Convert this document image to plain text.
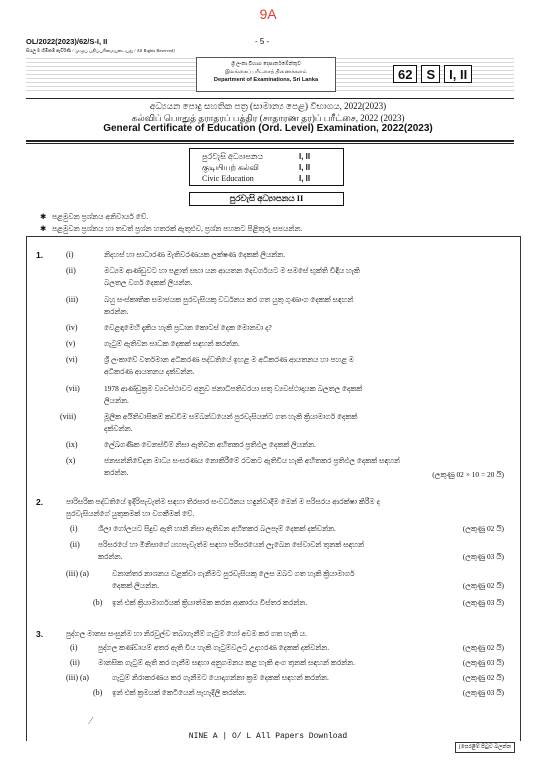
9A
OL/2022(2023)/62/S-I, II	- 5 -
සියලු ම හිමිකම් ඇවිරිණි / முழுப் பதிப்புரிமையுடையது / All Rights Reserved]
ශ්‍රී ලංකා විභාග දෙපාර්තමේන්තුව
இலங்கைப் பரீட்சைத் திணைக்களம்
Department of Examinations, Sri Lanka	62	S	I, II
අධ්‍යයන පොදු සහතික පත්‍ර (සාමාන්‍ය පෙළ) විභාගය, 2022(2023)
கல்விப் பொதுத் தராதரப் பத்திர (சாதாரண தர)ப் பரீட்சை, 2022 (2023)
General Certificate of Education (Ord. Level) Examination, 2022(2023)
පුරවැසි අධ්‍යාපනය	I, II
குடியியற் கல்வி	I, II
Civic Education	I, II
පුරවැසි අධ්‍යාපනය II
✱ පළමුවන ප්‍රශ්නය අනිවාර්ය වේ.
✱ පළමුවන ප්‍රශ්නය හා තවත් ප්‍රශ්න හතරක් ඇතුළුව, ප්‍රශ්න පහකට පිළිතුරු සපයන්න.
1.	(i)	නිදහස් හා සාධාරණ මැතිවරණයක ලක්ෂණ දෙකක් ලියන්න.
(ii)	මධ්‍යම ආණ්ඩුවට හා පළාත් සභා යන ආයතන දෙවර්ගයට ම සමසේ භුක්ති විඳිය හැකි
බලතල වර්ග දෙකක් ලියන්න.
(iii)	බහු සංස්කෘතික සමාජයක පුරවැසියකු වර්ධනය කර ගත යුතු ගුණාංග දෙකක් සඳහන්
කරන්න.
(iv)	වෙළඳාමෙහි දැකිය හැකි ප්‍රධාන කොටස් දෙක මොනවා ද?
(v)	ගැටුම් ඇතිවන සාධක දෙකක් සඳහන් කරන්න.
(vi)	ශ්‍රී ලංකාවේ වර්තමාන අධිකරණ පද්ධතියේ ඉහළ ම අධිකරණ ආයතනය හා පහළ ම
අධිකරණ ආයතනය දක්වන්න.
(vii)	1978 ආණ්ඩුක්‍රම ව්‍යවස්ථාවට අනුව ජනාධිපතිවරයා සතු ව්‍යවස්ථාදායක බලතල දෙකක්
ලියන්න.
(viii)	මූලික අයිතිවාසිකම් කඩවීම සම්බන්ධයෙන් පුරවැසියන්ට ගත හැකි ක්‍රියාමාර්ග දෙකක්
දක්වන්න.
(ix)	ලේඛගණික වෙනස්වීම් නිසා ඇතිවන අහිතකර ප්‍රතිඵල දෙකක් ලියන්න.
(x)	ජනසන්නිවේදන මාධ්‍ය සංසරණය නොකිරීමේ රටකට ඇතිවිය හැකි අහිතකර ප්‍රතිඵල දෙකක් සඳහන්
කරන්න.	(ලකුණු 02 × 10 = 20 යි)
2.	පාරිසරික පද්ධතියේ ඉදිරිපැවැත්ම සඳහා තිරසාර සංවර්ධනය හඳුන්වාදීම මෙන් ම පරිසරය ආරක්ෂා කිරීම ද
පුරවැසියන්ගේ යුතුකමක් හා වගකීමක් වේ.
(i)	ශිලා ගෝලයට සිදුව ඇති හානි නිසා ඇතිවන අහිතකර බලපෑම් දෙකක් දක්වන්න.	(ලකුණු 02 යි)
(ii) පරිසරයේ හා මිනිසාගේ යහපැවැත්ම සඳහා පරිසරයෙන් ලැබෙන සේවාවන් තුනක් සඳහන්
කරන්න.	(ලකුණු 03 යි)
(iii) (a)	වනාන්තර නාශනය වළක්වා ගැනීමට පුරවැසියකු ලෙස ඔබට ගත හැකි ක්‍රියාමාර්ග
දෙකක් ලියන්න.	(ලකුණු 02 යි)
(b) ඉන් එක් ක්‍රියාමාර්ගයක් ක්‍රියාත්මක කරන ආකාරය විස්තර කරන්න.	(ලකුණු 03 යි)
3.	පුද්ගල මානස සංසුන්ම හා නිරවුල්ව තබාගැනීම් ගැටුම් හෝ අවම කර ගත හැකි ය.
(i)	පුද්ගල කණ්ඩායම් අතර ඇති විය හැකි ගැටුම්වලට උදාහරණ දෙකක් දක්වන්න.	(ලකුණු 02 යි)
(ii) මානසික ගැටුම් ඇති කර ගැනීම සඳහා අනුගමනය කළ හැකි අංග තුනක් සඳහන් කරන්න.	(ලකුණු 03 යි)
(iii) (a)	ගැටුම් නිරාකරණය කර ගැනීමට යොදාගන්නා ක්‍රම දෙකක් සඳහන් කරන්න.	(ලකුණු 02 යි)
(b) ඉන් එක් ක්‍රමයක් කෙටියෙන් පැහැදිලි කරන්න.	(ලකුණු 03 යි)
⁄
[පෙරළීම් පිටුව බලන්න
NINE A | O/ L All Papers Download
